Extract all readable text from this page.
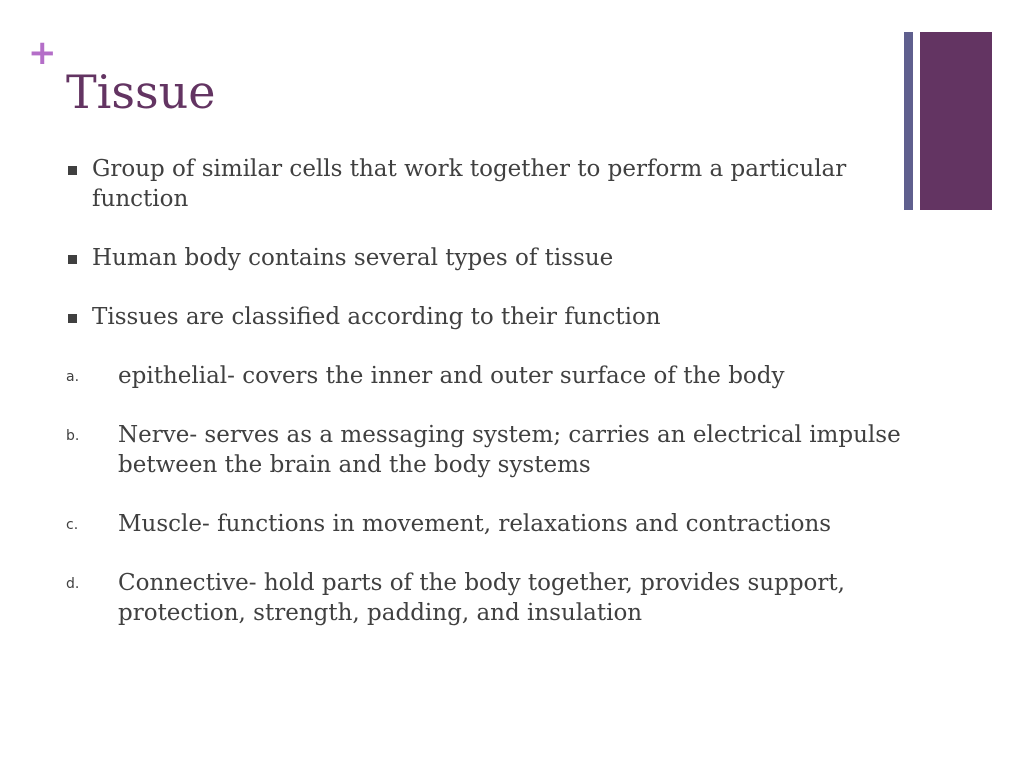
+
Tissue
Group of similar cells that work together to perform a particular function
Human body contains several types of tissue
Tissues are classified according to their function
a. epithelial- covers the inner and outer surface of the body
b. Nerve- serves as a messaging system; carries an electrical impulse between the brain and the body systems
c. Muscle- functions in movement, relaxations and contractions
d. Connective- hold parts of the body together, provides support, protection, strength, padding, and insulation
